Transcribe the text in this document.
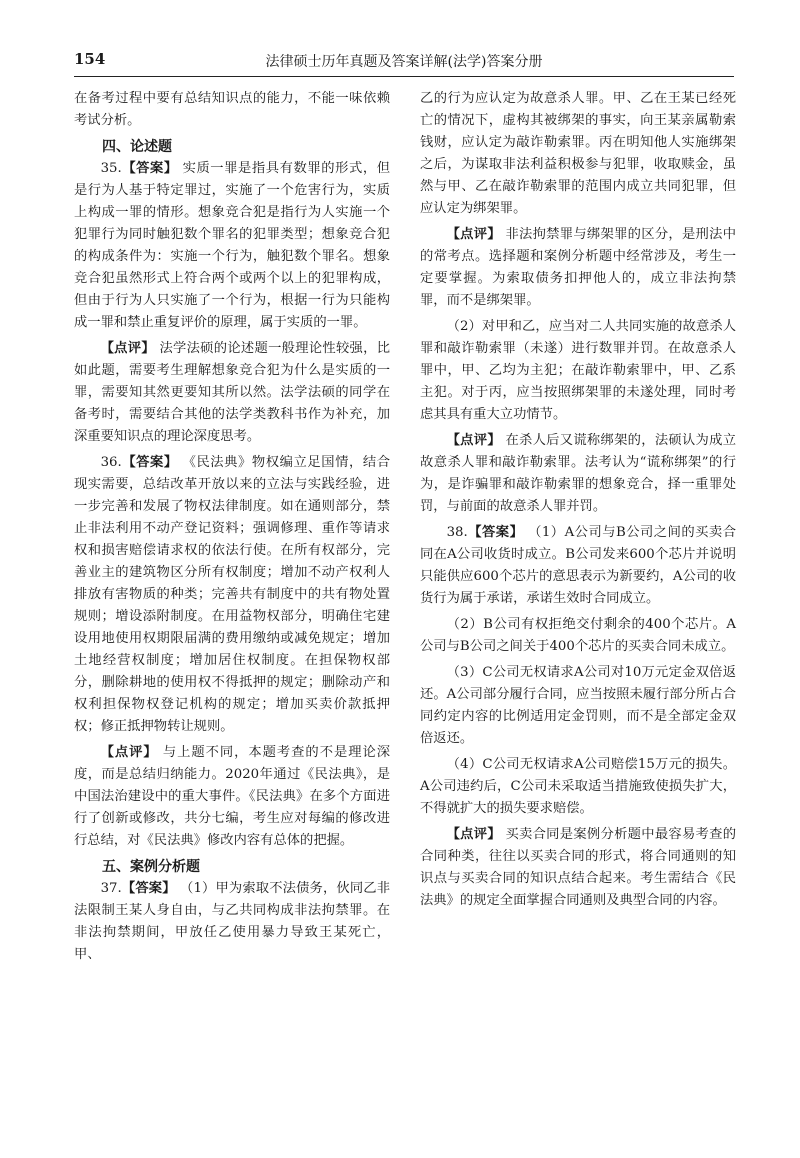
154	法律硕士历年真题及答案详解(法学)答案分册

在备考过程中要有总结知识点的能力，不能一味依赖考试分析。

四、论述题

35.【答案】 实质一罪是指具有数罪的形式，但是行为人基于特定罪过，实施了一个危害行为，实质上构成一罪的情形。想象竞合犯是指行为人实施一个犯罪行为同时触犯数个罪名的犯罪类型；想象竞合犯的构成条件为：实施一个行为，触犯数个罪名。想象竞合犯虽然形式上符合两个或两个以上的犯罪构成，但由于行为人只实施了一个行为，根据一行为只能构成一罪和禁止重复评价的原理，属于实质的一罪。

【点评】 法学法硕的论述题一般理论性较强，比如此题，需要考生理解想象竞合犯为什么是实质的一罪，需要知其然更要知其所以然。法学法硕的同学在备考时，需要结合其他的法学类教科书作为补充，加深重要知识点的理论深度思考。

36.【答案】 《民法典》物权编立足国情，结合现实需要，总结改革开放以来的立法与实践经验，进一步完善和发展了物权法律制度。如在通则部分，禁止非法利用不动产登记资料；强调修理、重作等请求权和损害赔偿请求权的依法行使。在所有权部分，完善业主的建筑物区分所有权制度；增加不动产权利人排放有害物质的种类；完善共有制度中的共有物处置规则；增设添附制度。在用益物权部分，明确住宅建设用地使用权期限届满的费用缴纳或减免规定；增加土地经营权制度；增加居住权制度。在担保物权部分，删除耕地的使用权不得抵押的规定；删除动产和权利担保物权登记机构的规定；增加买卖价款抵押权；修正抵押物转让规则。

【点评】 与上题不同，本题考查的不是理论深度，而是总结归纳能力。2020年通过《民法典》，是中国法治建设中的重大事件。《民法典》在多个方面进行了创新或修改，共分七编，考生应对每编的修改进行总结，对《民法典》修改内容有总体的把握。

五、案例分析题

37.【答案】 （1）甲为索取不法债务，伙同乙非法限制王某人身自由，与乙共同构成非法拘禁罪。在非法拘禁期间，甲放任乙使用暴力导致王某死亡，甲、

乙的行为应认定为故意杀人罪。甲、乙在王某已经死亡的情况下，虚构其被绑架的事实，向王某亲属勒索钱财，应认定为敲诈勒索罪。丙在明知他人实施绑架之后，为谋取非法利益积极参与犯罪，收取赎金，虽然与甲、乙在敲诈勒索罪的范围内成立共同犯罪，但应认定为绑架罪。

【点评】 非法拘禁罪与绑架罪的区分，是刑法中的常考点。选择题和案例分析题中经常涉及，考生一定要掌握。为索取债务扣押他人的，成立非法拘禁罪，而不是绑架罪。

（2）对甲和乙，应当对二人共同实施的故意杀人罪和敲诈勒索罪（未遂）进行数罪并罚。在故意杀人罪中，甲、乙均为主犯；在敲诈勒索罪中，甲、乙系主犯。对于丙，应当按照绑架罪的未遂处理，同时考虑其具有重大立功情节。

【点评】 在杀人后又谎称绑架的，法硕认为成立故意杀人罪和敲诈勒索罪。法考认为“谎称绑架”的行为，是诈骗罪和敲诈勒索罪的想象竞合，择一重罪处罚，与前面的故意杀人罪并罚。

38.【答案】 （1）A公司与B公司之间的买卖合同在A公司收货时成立。B公司发来600个芯片并说明只能供应600个芯片的意思表示为新要约，A公司的收货行为属于承诺，承诺生效时合同成立。

（2）B公司有权拒绝交付剩余的400个芯片。A公司与B公司之间关于400个芯片的买卖合同未成立。

（3）C公司无权请求A公司对10万元定金双倍返还。A公司部分履行合同，应当按照未履行部分所占合同约定内容的比例适用定金罚则，而不是全部定金双倍返还。

（4）C公司无权请求A公司赔偿15万元的损失。A公司违约后，C公司未采取适当措施致使损失扩大，不得就扩大的损失要求赔偿。

【点评】 买卖合同是案例分析题中最容易考查的合同种类，往往以买卖合同的形式，将合同通则的知识点与买卖合同的知识点结合起来。考生需结合《民法典》的规定全面掌握合同通则及典型合同的内容。
